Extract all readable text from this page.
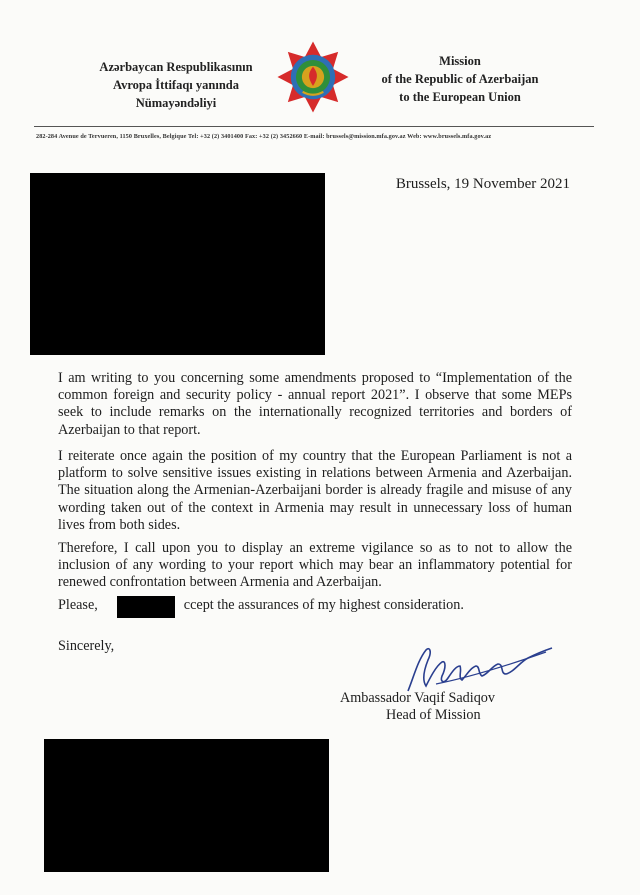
Azərbaycan Respublikasının
Avropa İttifaqı yanında
Nümayəndəliyi
Mission
of the Republic of Azerbaijan
to the European Union
282-284 Avenue de Tervueren, 1150 Bruxelles, Belgique Tel: +32 (2) 3401400 Fax: +32 (2) 3452660 E-mail: brussels@mission.mfa.gov.az Web: www.brussels.mfa.gov.az
Brussels, 19 November 2021

I am writing to you concerning some amendments proposed to “Implementation of the common foreign and security policy - annual report 2021”. I observe that some MEPs seek to include remarks on the internationally recognized territories and borders of Azerbaijan to that report.

I reiterate once again the position of my country that the European Parliament is not a platform to solve sensitive issues existing in relations between Armenia and Azerbaijan. The situation along the Armenian-Azerbaijani border is already fragile and misuse of any wording taken out of the context in Armenia may result in unnecessary loss of human lives from both sides.

Therefore, I call upon you to display an extreme vigilance so as to not to allow the inclusion of any wording to your report which may bear an inflammatory potential for renewed confrontation between Armenia and Azerbaijan.

Please,	ccept the assurances of my highest consideration.
Sincerely,
Ambassador Vaqif Sadiqov
Head of Mission
